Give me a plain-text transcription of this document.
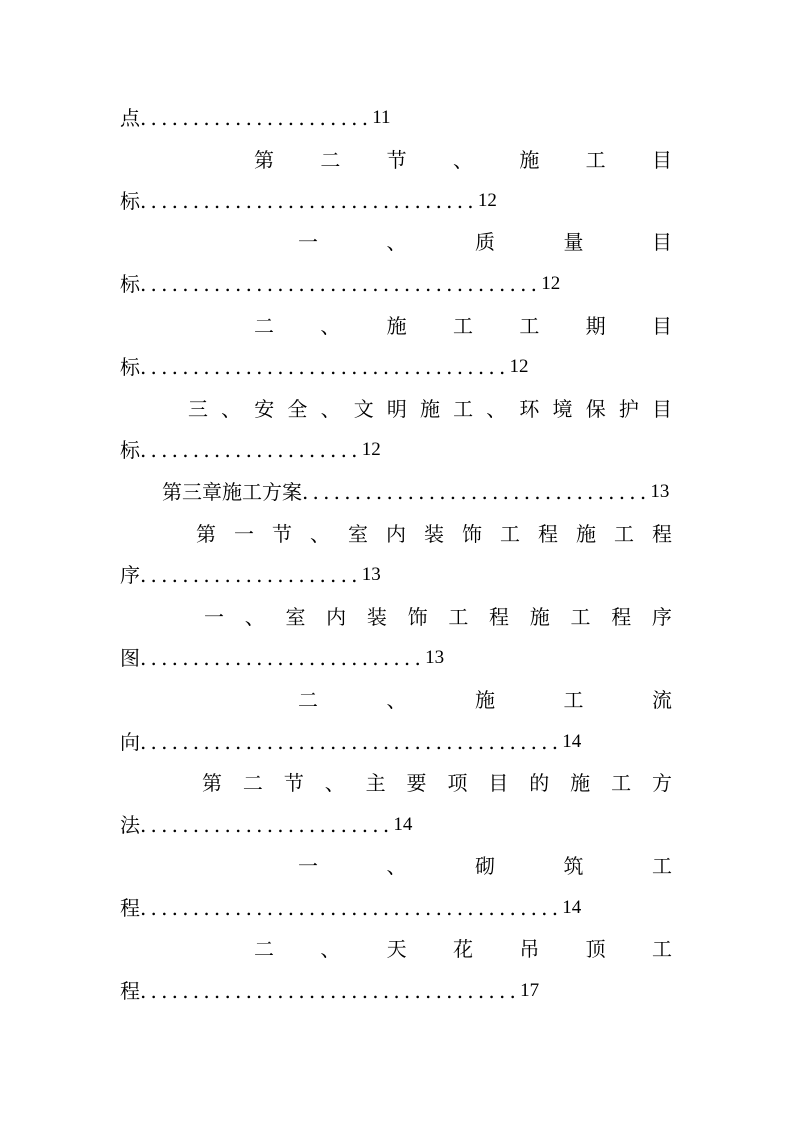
点 ...................... 11
第 二 节 、 施 工 目
标 ................................ 12
一	、	质	量	目
标 ...................................... 12
二 、 施 工 工 期 目
标 ................................... 12
三 、 安 全 、 文 明 施 工 、 环 境 保 护 目
标 ..................... 12
第三章施工方案 ................................. 13
第 一 节 、 室 内 装 饰 工 程 施 工 程
序 ..................... 13
一 、 室 内 装 饰 工 程 施 工 程 序
图 ........................... 13
二	、	施	工	流
向 ........................................ 14
第 二 节 、 主 要 项 目 的 施 工 方
法 ........................ 14
一	、	砌	筑	工
程 ........................................ 14
二 、 天 花 吊 顶 工
程 .................................... 17
